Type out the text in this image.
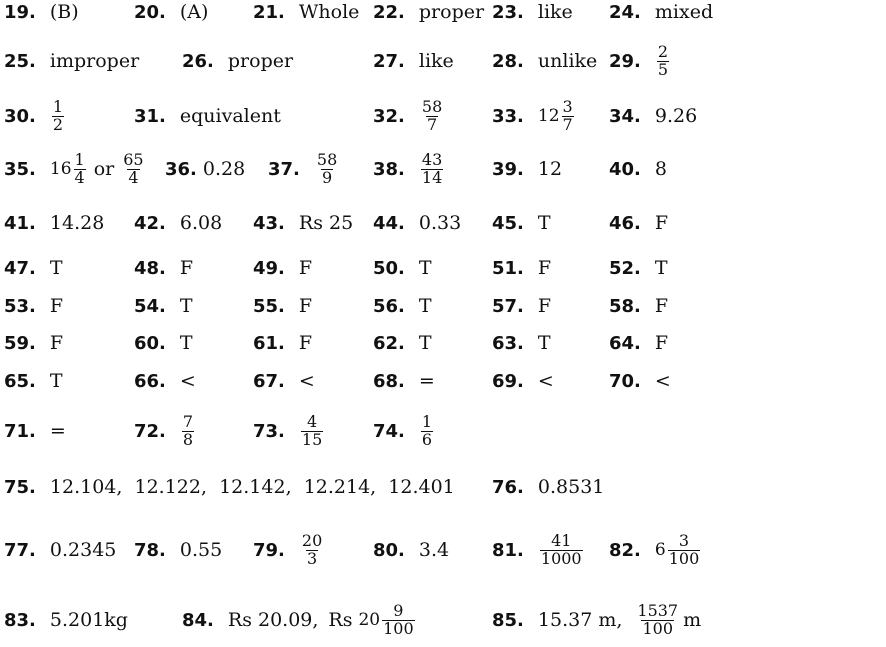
19. (B)	20. (A) 21. Whole 22. proper 23. like 24. mixed
25. improper 26. proper	27. like 28. unlike 29. $\frac{2}{5}$
30. $\frac{1}{2}$	31. equivalent	32. $\frac{58}{7}$	33. $12 \frac{3}{7} 34$. 9.26
35. $16 \frac{1}{4}$ or $\frac{65}{4} 36$. 0.28 37. $\frac{58}{9} 38$. $\frac{43}{14}$	39. 12	40. 8
41. 14.28 42. 6.08 43. Rs 25 44. 0.33 45. T	46. F
47. T	48. F	49. F	50. T	51. F	52. T
53. F	54. T	55. F	56. T	57. F	58. F
59. F	60. T	61. F	62. T	63. T	64. F
65. T	66. <	67. <	68. =	69. <	70. <
71. =	72. $\frac{7}{8}$	73. $\frac{4}{15}$	74. $\frac{1}{6}$
75. 12.104,  12.122,  12.142,  12.214,  12.401 76. 0.8531
77. 0.2345 78. 0.55 79. $\frac{20}{3}$	80. 3.4 81. $\frac{41}{1000} 82$. $6 \frac{3}{100}$
83. 5.201kg	84. Rs 20.09, Rs $20 \frac{9}{100}$	85. 15.37 m, $\frac{1537}{100}$ m
